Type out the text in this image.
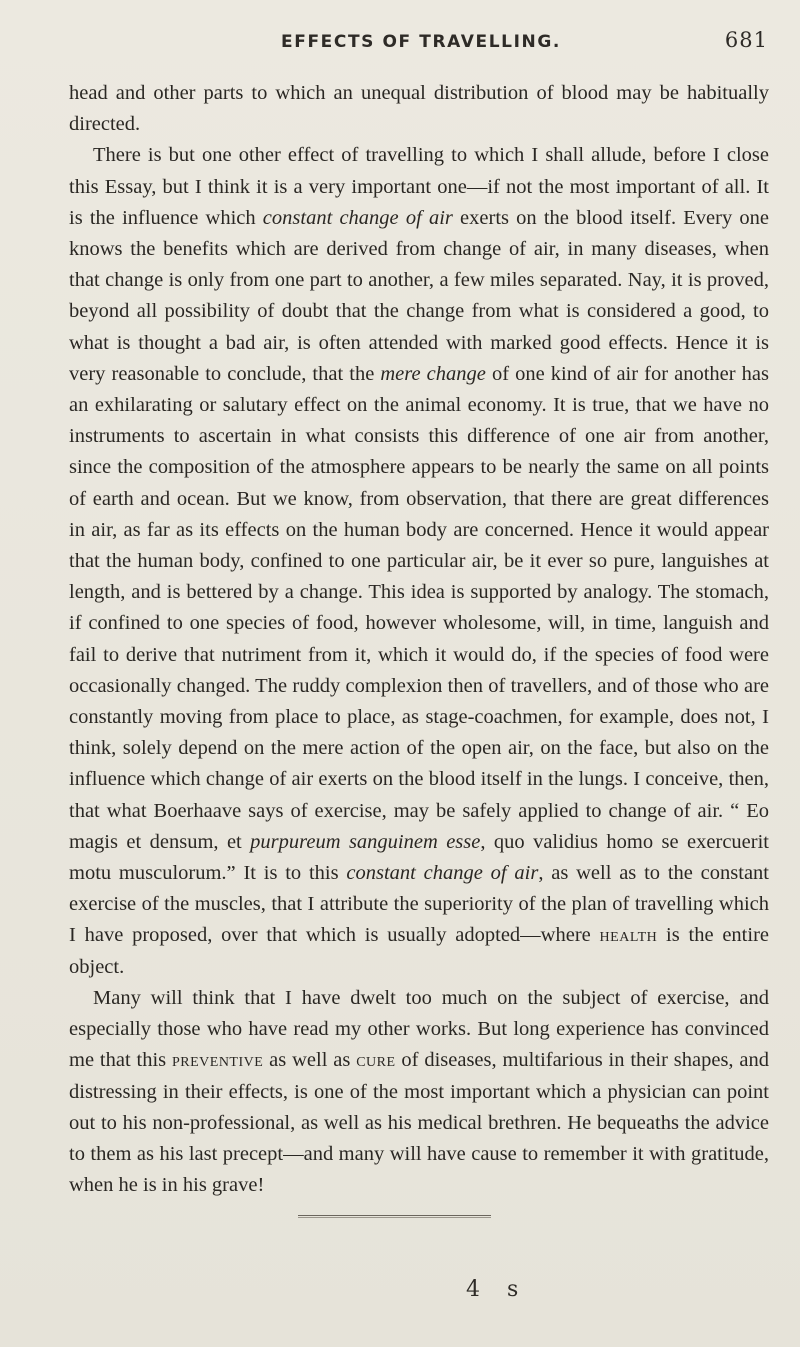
EFFECTS OF TRAVELLING.	681

head and other parts to which an unequal distribution of blood may be habitually directed.

There is but one other effect of travelling to which I shall allude, before I close this Essay, but I think it is a very important one—if not the most important of all. It is the influence which constant change of air exerts on the blood itself. Every one knows the benefits which are derived from change of air, in many diseases, when that change is only from one part to another, a few miles separated. Nay, it is proved, beyond all possibility of doubt that the change from what is considered a good, to what is thought a bad air, is often attended with marked good effects. Hence it is very reasonable to conclude, that the mere change of one kind of air for another has an exhilarating or salutary effect on the animal economy. It is true, that we have no instruments to ascertain in what consists this difference of one air from another, since the composition of the atmosphere appears to be nearly the same on all points of earth and ocean. But we know, from observation, that there are great differences in air, as far as its effects on the human body are concerned. Hence it would appear that the human body, confined to one particular air, be it ever so pure, languishes at length, and is bettered by a change. This idea is supported by analogy. The stomach, if confined to one species of food, however wholesome, will, in time, languish and fail to derive that nutriment from it, which it would do, if the species of food were occasionally changed. The ruddy complexion then of travellers, and of those who are constantly moving from place to place, as stage-coachmen, for example, does not, I think, solely depend on the mere action of the open air, on the face, but also on the influence which change of air exerts on the blood itself in the lungs. I conceive, then, that what Boerhaave says of exercise, may be safely applied to change of air. “ Eo magis et densum, et purpureum sanguinem esse, quo validius homo se exercuerit motu musculorum.” It is to this constant change of air, as well as to the constant exercise of the muscles, that I attribute the superiority of the plan of travelling which I have proposed, over that which is usually adopted—where health is the entire object.

Many will think that I have dwelt too much on the subject of exercise, and especially those who have read my other works. But long experience has convinced me that this preventive as well as cure of diseases, multifarious in their shapes, and distressing in their effects, is one of the most important which a physician can point out to his non-professional, as well as his medical brethren. He bequeaths the advice to them as his last precept—and many will have cause to remember it with gratitude, when he is in his grave!

4 s
